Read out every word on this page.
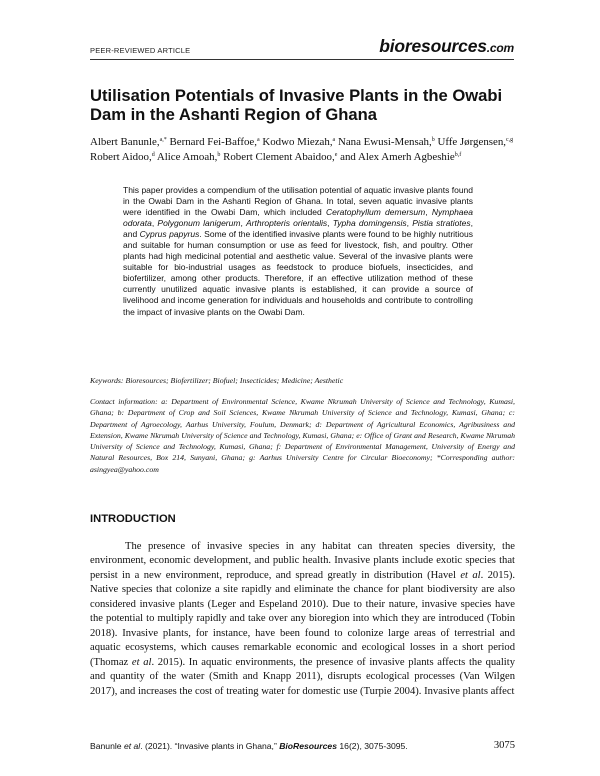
PEER-REVIEWED ARTICLE	bioresources.com
Utilisation Potentials of Invasive Plants in the Owabi Dam in the Ashanti Region of Ghana
Albert Banunle,$^{a,*}$ Bernard Fei-Baffoe,$^a$ Kodwo Miezah,$^a$ Nana Ewusi-Mensah,$^b$ Uffe Jørgensen,$^{c,g}$ Robert Aidoo,$^d$ Alice Amoah,$^b$ Robert Clement Abaidoo,$^e$ and Alex Amerh Agbeshie$^{b,f}$
This paper provides a compendium of the utilisation potential of aquatic invasive plants found in the Owabi Dam in the Ashanti Region of Ghana. In total, seven aquatic invasive plants were identified in the Owabi Dam, which included Ceratophyllum demersum, Nymphaea odorata, Polygonum lanigerum, Arthropteris orientalis, Typha domingensis, Pistia stratiotes, and Cyprus papyrus. Some of the identified invasive plants were found to be highly nutritious and suitable for human consumption or use as feed for livestock, fish, and poultry. Other plants had high medicinal potential and aesthetic value. Several of the invasive plants were suitable for bio-industrial usages as feedstock to produce biofuels, insecticides, and biofertilizer, among other products. Therefore, if an effective utilization method of these currently unutilized aquatic invasive plants is established, it can provide a source of livelihood and income generation for individuals and households and contribute to controlling the impact of invasive plants on the Owabi Dam.

Keywords: Bioresources; Biofertilizer; Biofuel; Insecticides; Medicine; Aesthetic

Contact information: a: Department of Environmental Science, Kwame Nkrumah University of Science and Technology, Kumasi, Ghana; b: Department of Crop and Soil Sciences, Kwame Nkrumah University of Science and Technology, Kumasi, Ghana; c: Department of Agroecology, Aarhus University, Foulum, Denmark; d: Department of Agricultural Economics, Agribusiness and Extension, Kwame Nkrumah University of Science and Technology, Kumasi, Ghana; e: Office of Grant and Research, Kwame Nkrumah University of Science and Technology, Kumasi, Ghana; f: Department of Environmental Management, University of Energy and Natural Resources, Box 214, Sunyani, Ghana; g: Aarhus University Centre for Circular Bioeconomy; *Corresponding author: asingyea@yahoo.com

INTRODUCTION

The presence of invasive species in any habitat can threaten species diversity, the environment, economic development, and public health. Invasive plants include exotic species that persist in a new environment, reproduce, and spread greatly in distribution (Havel et al. 2015). Native species that colonize a site rapidly and eliminate the chance for plant biodiversity are also considered invasive plants (Leger and Espeland 2010). Due to their nature, invasive species have the potential to multiply rapidly and take over any bioregion into which they are introduced (Tobin 2018). Invasive plants, for instance, have been found to colonize large areas of terrestrial and aquatic ecosystems, which causes remarkable economic and ecological losses in a short period (Thomaz et al. 2015). In aquatic environments, the presence of invasive plants affects the quality and quantity of the water (Smith and Knapp 2011), disrupts ecological processes (Van Wilgen 2017), and increases the cost of treating water for domestic use (Turpie 2004). Invasive plants affect

Banunle et al. (2021). “Invasive plants in Ghana,” BioResources 16(2), 3075-3095.	3075
